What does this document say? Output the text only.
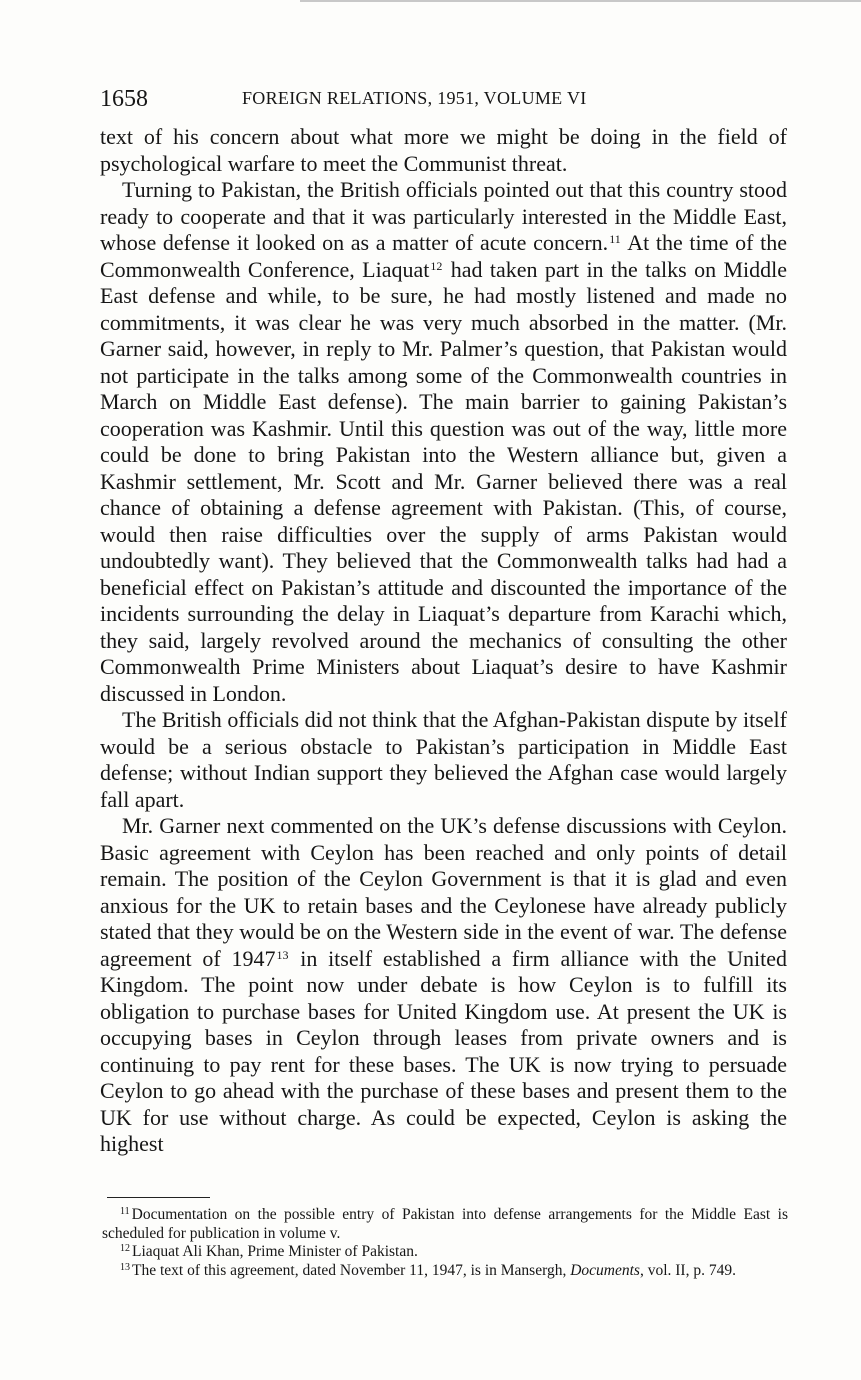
1658	FOREIGN RELATIONS, 1951, VOLUME VI

text of his concern about what more we might be doing in the field of psychological warfare to meet the Communist threat.

Turning to Pakistan, the British officials pointed out that this country stood ready to cooperate and that it was particularly interested in the Middle East, whose defense it looked on as a matter of acute concern.$^{11}$ At the time of the Commonwealth Conference, Liaquat$^{12}$ had taken part in the talks on Middle East defense and while, to be sure, he had mostly listened and made no commitments, it was clear he was very much absorbed in the matter. (Mr. Garner said, however, in reply to Mr. Palmer’s question, that Pakistan would not participate in the talks among some of the Commonwealth countries in March on Middle East defense). The main barrier to gaining Pakistan’s cooperation was Kashmir. Until this question was out of the way, little more could be done to bring Pakistan into the Western alliance but, given a Kashmir settlement, Mr. Scott and Mr. Garner believed there was a real chance of obtaining a defense agreement with Pakistan. (This, of course, would then raise difficulties over the supply of arms Pakistan would undoubtedly want). They believed that the Commonwealth talks had had a beneficial effect on Pakistan’s attitude and discounted the importance of the incidents surrounding the delay in Liaquat’s departure from Karachi which, they said, largely revolved around the mechanics of consulting the other Commonwealth Prime Ministers about Liaquat’s desire to have Kashmir discussed in London.

The British officials did not think that the Afghan-Pakistan dispute by itself would be a serious obstacle to Pakistan’s participation in Middle East defense; without Indian support they believed the Afghan case would largely fall apart.

Mr. Garner next commented on the UK’s defense discussions with Ceylon. Basic agreement with Ceylon has been reached and only points of detail remain. The position of the Ceylon Government is that it is glad and even anxious for the UK to retain bases and the Ceylonese have already publicly stated that they would be on the Western side in the event of war. The defense agreement of 1947$^{13}$ in itself established a firm alliance with the United Kingdom. The point now under debate is how Ceylon is to fulfill its obligation to purchase bases for United Kingdom use. At present the UK is occupying bases in Ceylon through leases from private owners and is continuing to pay rent for these bases. The UK is now trying to persuade Ceylon to go ahead with the purchase of these bases and present them to the UK for use without charge. As could be expected, Ceylon is asking the highest

$^{11}$ Documentation on the possible entry of Pakistan into defense arrangements for the Middle East is scheduled for publication in volume v.

$^{12}$ Liaquat Ali Khan, Prime Minister of Pakistan.

$^{13}$ The text of this agreement, dated November 11, 1947, is in Mansergh, Documents, vol. II, p. 749.
